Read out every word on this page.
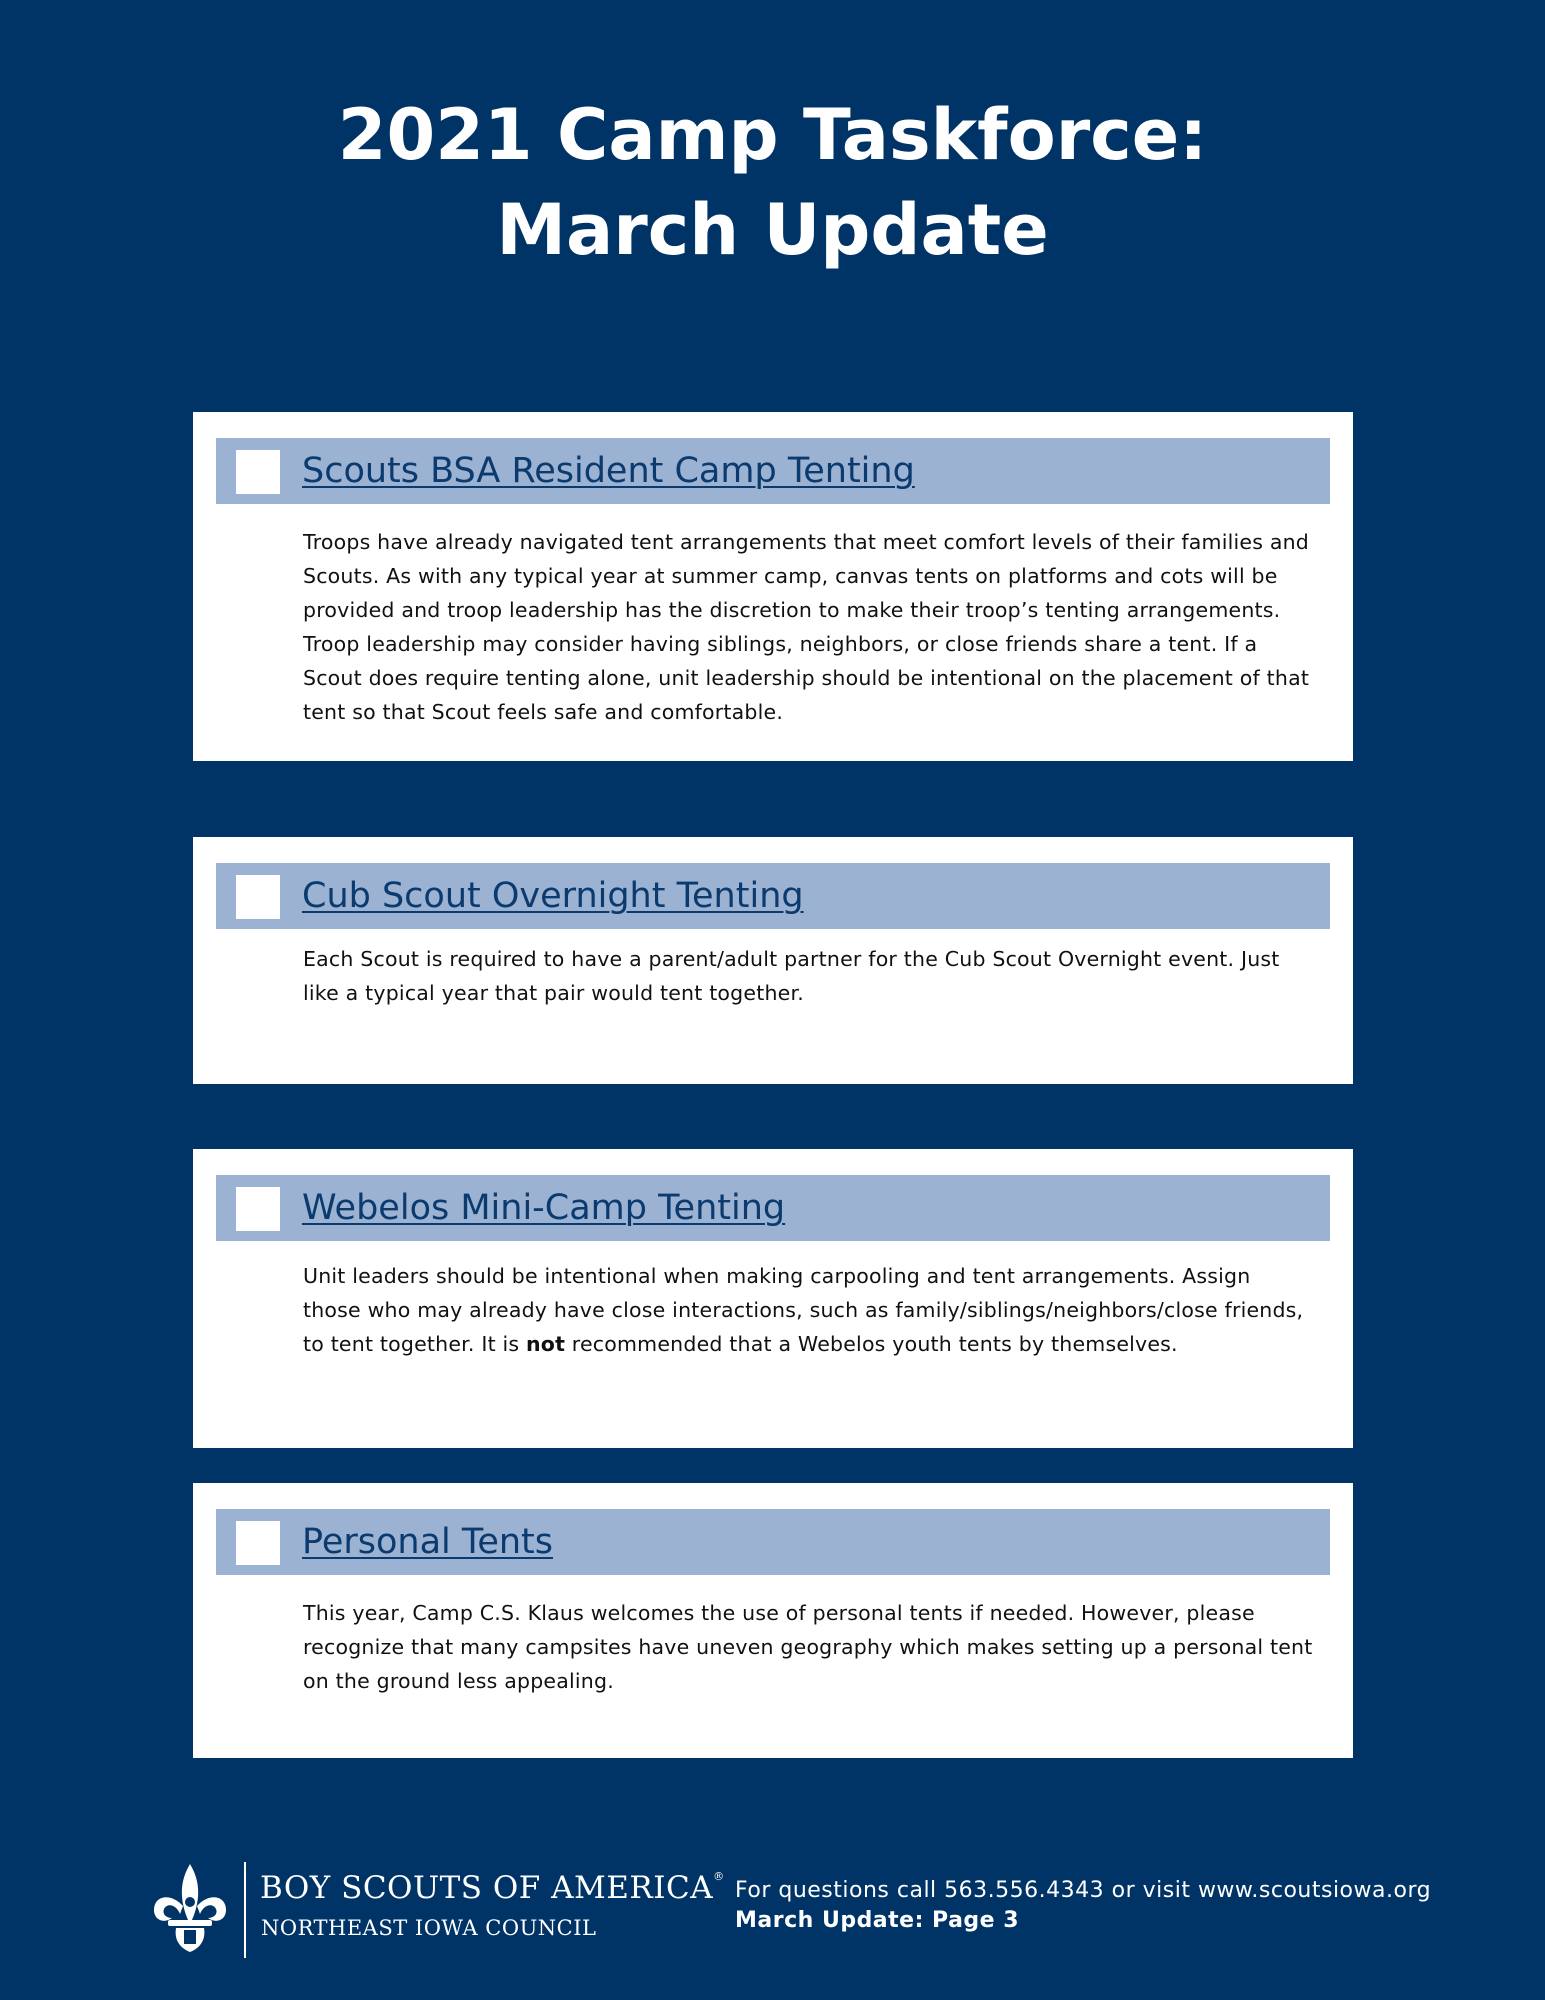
2021 Camp Taskforce:
March Update
Scouts BSA Resident Camp Tenting

Troops have already navigated tent arrangements that meet comfort levels of their families and Scouts. As with any typical year at summer camp, canvas tents on platforms and cots will be provided and troop leadership has the discretion to make their troop’s tenting arrangements. Troop leadership may consider having siblings, neighbors, or close friends share a tent. If a Scout does require tenting alone, unit leadership should be intentional on the placement of that tent so that Scout feels safe and comfortable.

Cub Scout Overnight Tenting

Each Scout is required to have a parent/adult partner for the Cub Scout Overnight event. Just like a typical year that pair would tent together.

Webelos Mini-Camp Tenting

Unit leaders should be intentional when making carpooling and tent arrangements. Assign those who may already have close interactions, such as family/siblings/neighbors/close friends, to tent together. It is not recommended that a Webelos youth tents by themselves.

Personal Tents

This year, Camp C.S. Klaus welcomes the use of personal tents if needed. However, please recognize that many campsites have uneven geography which makes setting up a personal tent on the ground less appealing.

BOY SCOUTS OF AMERICA®
NORTHEAST IOWA COUNCIL
For questions call 563.556.4343 or visit www.scoutsiowa.org
March Update: Page 3
